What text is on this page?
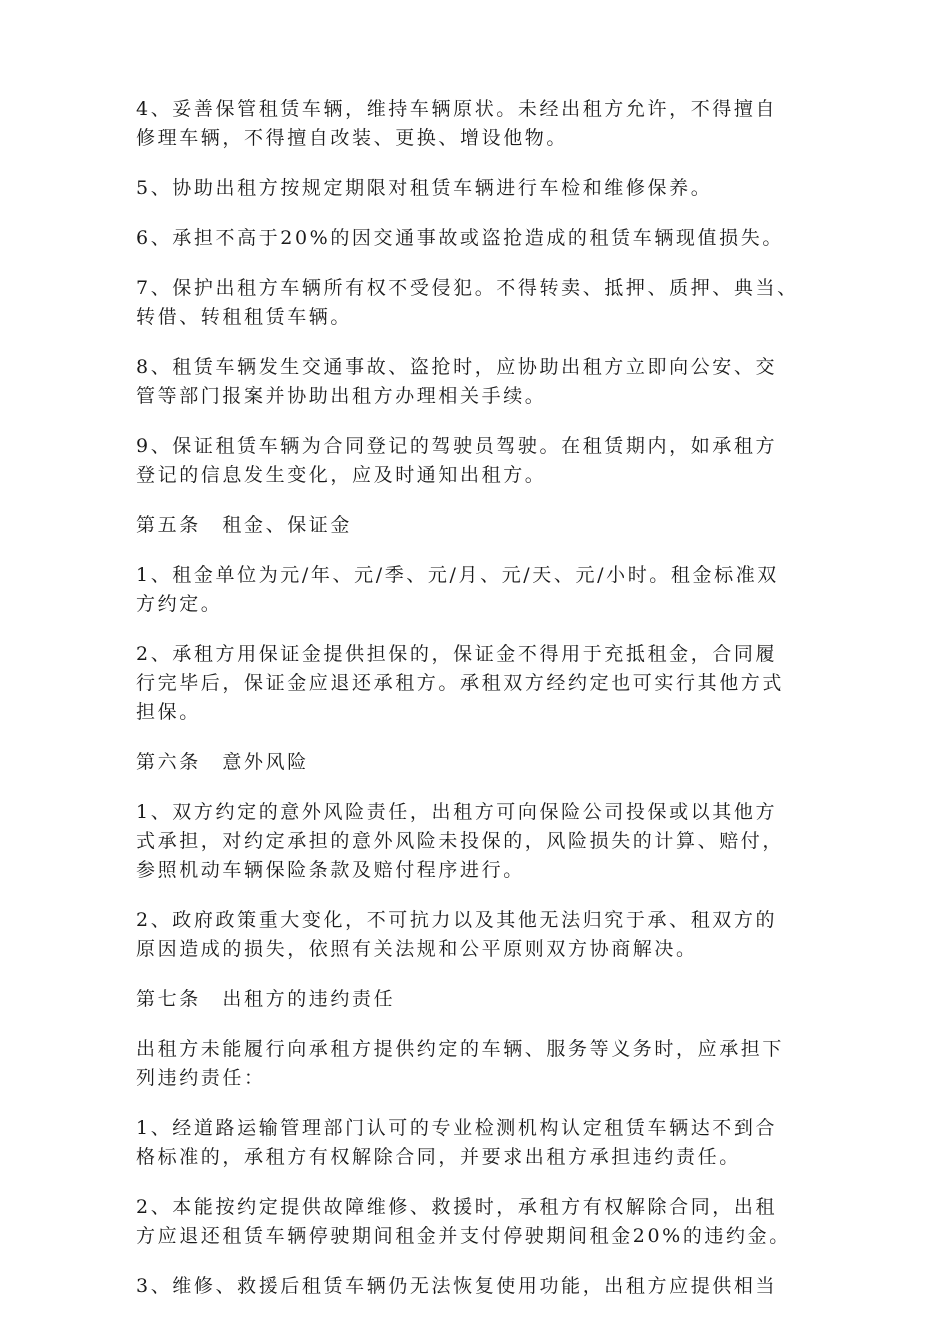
4、妥善保管租赁车辆，维持车辆原状。未经出租方允许，不得擅自
修理车辆，不得擅自改装、更换、增设他物。
5、协助出租方按规定期限对租赁车辆进行车检和维修保养。
6、承担不高于20%的因交通事故或盗抢造成的租赁车辆现值损失。
7、保护出租方车辆所有权不受侵犯。不得转卖、抵押、质押、典当、
转借、转租租赁车辆。
8、租赁车辆发生交通事故、盗抢时，应协助出租方立即向公安、交
管等部门报案并协助出租方办理相关手续。
9、保证租赁车辆为合同登记的驾驶员驾驶。在租赁期内，如承租方
登记的信息发生变化，应及时通知出租方。
第五条　租金、保证金
1、租金单位为元/年、元/季、元/月、元/天、元/小时。租金标准双
方约定。
2、承租方用保证金提供担保的，保证金不得用于充抵租金，合同履
行完毕后，保证金应退还承租方。承租双方经约定也可实行其他方式
担保。
第六条　意外风险
1、双方约定的意外风险责任，出租方可向保险公司投保或以其他方
式承担，对约定承担的意外风险未投保的，风险损失的计算、赔付，
参照机动车辆保险条款及赔付程序进行。
2、政府政策重大变化，不可抗力以及其他无法归究于承、租双方的
原因造成的损失，依照有关法规和公平原则双方协商解决。
第七条　出租方的违约责任
出租方未能履行向承租方提供约定的车辆、服务等义务时，应承担下
列违约责任：
1、经道路运输管理部门认可的专业检测机构认定租赁车辆达不到合
格标准的，承租方有权解除合同，并要求出租方承担违约责任。
2、本能按约定提供故障维修、救援时，承租方有权解除合同，出租
方应退还租赁车辆停驶期间租金并支付停驶期间租金20%的违约金。
3、维修、救援后租赁车辆仍无法恢复使用功能，出租方应提供相当
